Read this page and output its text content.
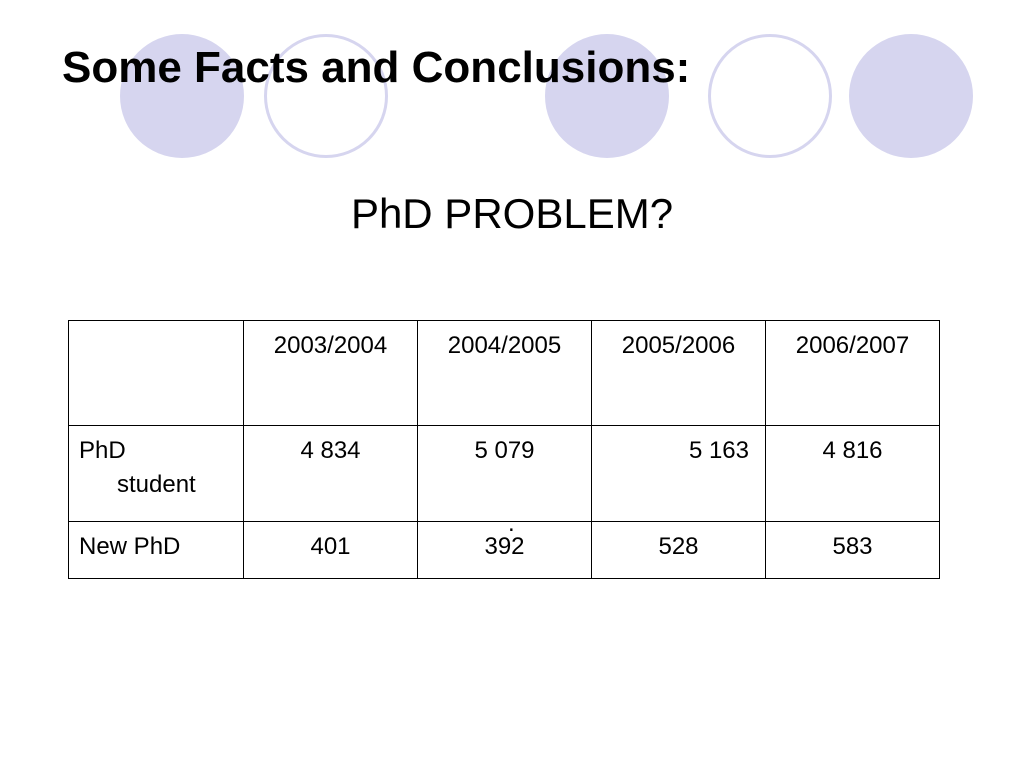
Some Facts and Conclusions:

PhD PROBLEM?

	2003/2004	2004/2005	2005/2006	2006/2007
PhD
student	4 834	5 079	5 163	4 816
New PhD	401	392	528	583
.
